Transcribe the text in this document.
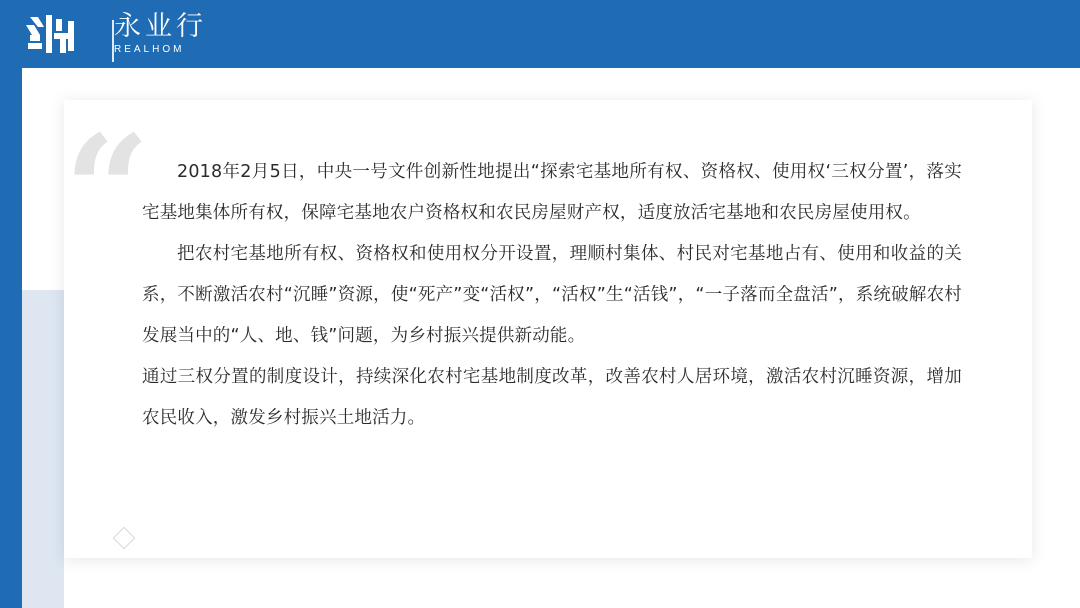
永业行
REALHOM
“	2018年2月5日，中央一号文件创新性地提出“探索宅基地所有权、资格权、使用权‘三权分置’，落实宅基地集体所有权，保障宅基地农户资格权和农民房屋财产权，适度放活宅基地和农民房屋使用权。

把农村宅基地所有权、资格权和使用权分开设置，理顺村集体、村民对宅基地占有、使用和收益的关系，不断激活农村“沉睡”资源，使“死产”变“活权”，“活权”生“活钱”，“一子落而全盘活”，系统破解农村发展当中的“人、地、钱”问题，为乡村振兴提供新动能。

通过三权分置的制度设计，持续深化农村宅基地制度改革，改善农村人居环境，激活农村沉睡资源，增加农民收入，激发乡村振兴土地活力。
